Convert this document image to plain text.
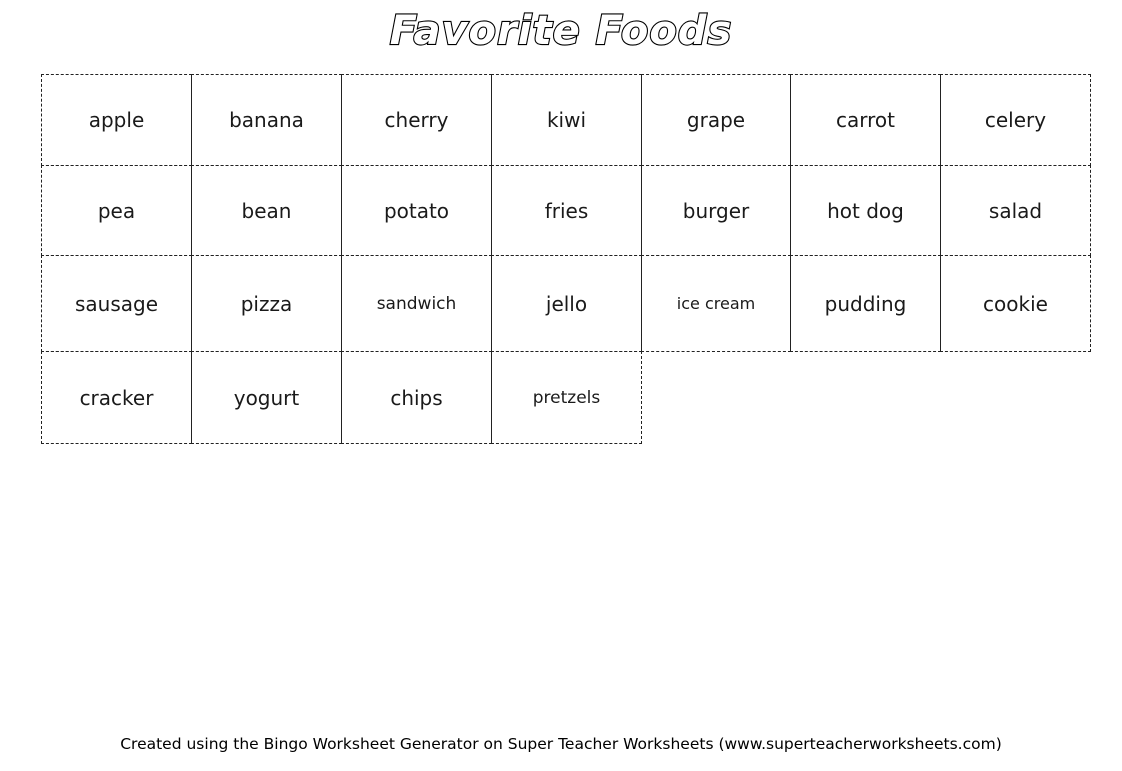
Favorite Foods
apple	banana	cherry	kiwi	grape	carrot	celery
pea	bean	potato	fries	burger	hot dog	salad
sausage	pizza	sandwich	jello	ice cream	pudding	cookie
cracker	yogurt	chips	pretzels
Created using the Bingo Worksheet Generator on Super Teacher Worksheets (www.superteacherworksheets.com)
